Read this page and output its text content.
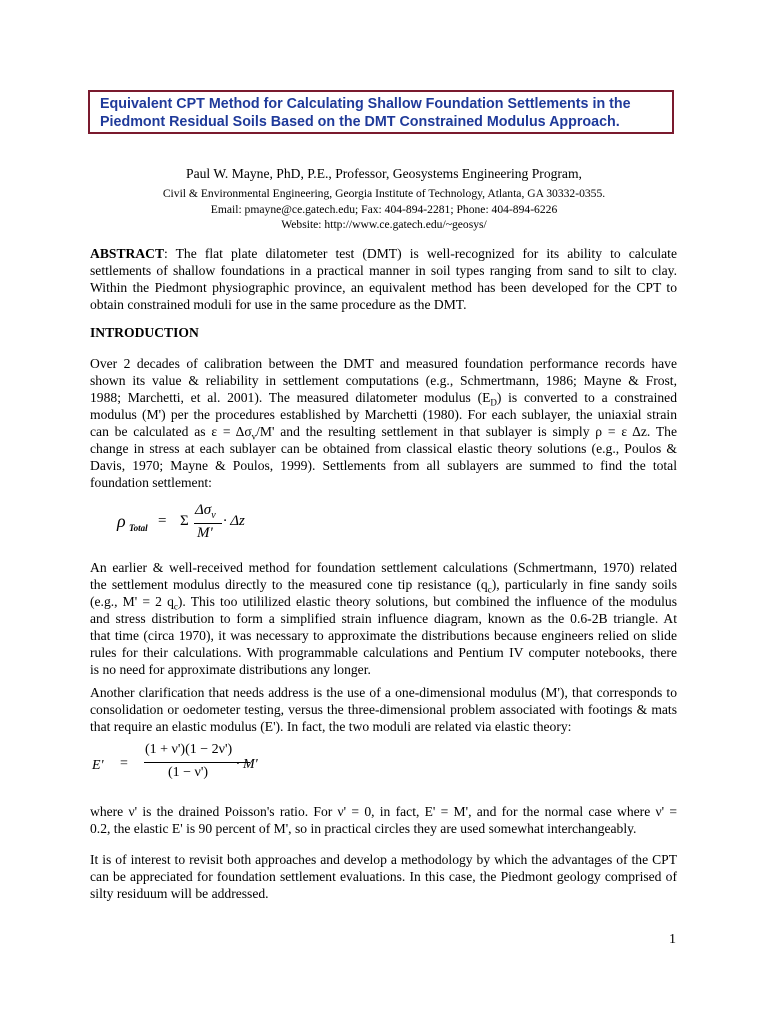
Equivalent CPT Method for Calculating Shallow Foundation Settlements in the
Piedmont Residual Soils Based on the DMT Constrained Modulus Approach.
Paul W. Mayne, PhD, P.E., Professor, Geosystems Engineering Program,
Civil & Environmental Engineering, Georgia Institute of Technology, Atlanta, GA 30332-0355.
Email: pmayne@ce.gatech.edu; Fax: 404-894-2281; Phone: 404-894-6226
Website: http://www.ce.gatech.edu/~geosys/
ABSTRACT: The flat plate dilatometer test (DMT) is well-recognized for its ability to calculate
settlements of shallow foundations in a practical manner in soil types ranging from sand to silt to clay.
Within the Piedmont physiographic province, an equivalent method has been developed for the CPT to
obtain constrained moduli for use in the same procedure as the DMT.
INTRODUCTION
Over 2 decades of calibration between the DMT and measured foundation performance records have
shown its value & reliability in settlement computations (e.g., Schmertmann, 1986; Mayne & Frost,
1988; Marchetti, et al. 2001). The measured dilatometer modulus $(E_D)$ is converted to a constrained
modulus (M') per the procedures established by Marchetti (1980). For each sublayer, the uniaxial strain
can be calculated as $\varepsilon = \Delta\sigma_v/M'$ and the resulting settlement in that sublayer is simply ρ = ε Δz. The
change in stress at each sublayer can be obtained from classical elastic theory solutions (e.g., Poulos &
Davis, 1970; Mayne & Poulos, 1999). Settlements from all sublayers are summed to find the total
foundation settlement:
ρ Total = Σ
$\Delta\sigma_v$
M'
· Δz
An earlier & well-received method for foundation settlement calculations (Schmertmann, 1970) related
the settlement modulus directly to the measured cone tip resistance $(q_c)$, particularly in fine sandy soils
(e.g., M' = 2 $q_c$). This too utililized elastic theory solutions, but combined the influence of the modulus
and stress distribution to form a simplified strain influence diagram, known as the 0.6-2B triangle. At
that time (circa 1970), it was necessary to approximate the distributions because engineers relied on slide
rules for their calculations. With programmable calculations and Pentium IV computer notebooks, there
is no need for approximate distributions any longer.
Another clarification that needs address is the use of a one-dimensional modulus (M'), that corresponds to
consolidation or oedometer testing, versus the three-dimensional problem associated with footings & mats
that require an elastic modulus (E'). In fact, the two moduli are related via elastic theory:
E' =
(1 + ν')(1 − 2ν')
(1 − ν')
· M'
where ν' is the drained Poisson's ratio. For ν' = 0, in fact, E' = M', and for the normal case where ν' =
0.2, the elastic E' is 90 percent of M', so in practical circles they are used somewhat interchangeably.
It is of interest to revisit both approaches and develop a methodology by which the advantages of the CPT
can be appreciated for foundation settlement evaluations. In this case, the Piedmont geology comprised of
silty residuum will be addressed.
1
